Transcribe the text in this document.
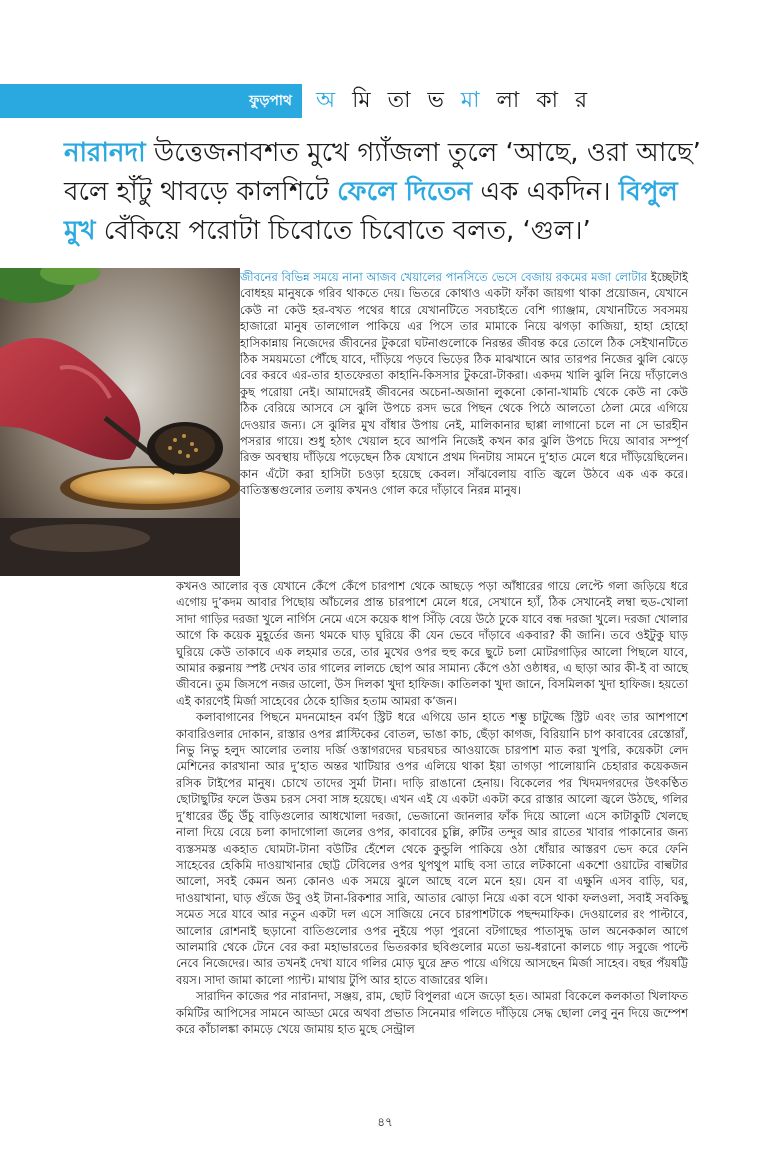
ফুড়পাথ	অ মি তা ভ মা লা কা র
নারানদা উত্তেজনাবশত মুখে গ্যাঁজলা তুলে ‘আছে, ওরা আছে’ বলে হাঁটু থাবড়ে কালশিটে ফেলে দিতেন এক একদিন। বিপুল মুখ বেঁকিয়ে পরোটা চিবোতে চিবোতে বলত, ‘গুল।’

জীবনের বিভিন্ন সময়ে নানা আজব খেয়ালের পানসিতে ভেসে বেজায় রকমের মজা লোটার ইচ্ছেটাই বোধহয় মানুষকে গরিব থাকতে দেয়। ভিতরে কোথাও একটা ফাঁকা জায়গা থাকা প্রয়োজন, যেখানে কেউ না কেউ হর-বখত পথের ধারে যেখানটিতে সবচাইতে বেশি গ্যাঞ্জাম, যেখানটিতে সবসময় হাজারো মানুষ তালগোল পাকিয়ে এর পিসে তার মামাকে নিয়ে ঝগড়া কাজিয়া, হাহা হোহো হাসিকান্নায় নিজেদের জীবনের টুকরো ঘটনাগুলোকে নিরন্তর জীবন্ত করে তোলে ঠিক সেইখানটিতে ঠিক সময়মতো পৌঁছে যাবে, দাঁড়িয়ে পড়বে ভিড়ের ঠিক মাঝখানে আর তারপর নিজের ঝুলি ঝেড়ে বের করবে এর-তার হাতফেরতা কাহানি-কিসসার টুকরো-টাকরা। একদম খালি ঝুলি নিয়ে দাঁড়ালেও কুছ পরোয়া নেই। আমাদেরই জীবনের অচেনা-অজানা লুকনো কোনা-খামচি থেকে কেউ না কেউ ঠিক বেরিয়ে আসবে সে ঝুলি উপচে রসদ ভরে পিছন থেকে পিঠে আলতো ঠেলা মেরে এগিয়ে দেওয়ার জন্য। সে ঝুলির মুখ বাঁধার উপায় নেই, মালিকানার ছাপ্পা লাগানো চলে না সে ভারহীন পসরার গায়ে। শুধু হঠাৎ খেয়াল হবে আপনি নিজেই কখন কার ঝুলি উপচে দিয়ে আবার সম্পূর্ণ রিক্ত অবস্থায় দাঁড়িয়ে পড়েছেন ঠিক যেখানে প্রথম দিনটায় সামনে দু’হাত মেলে ধরে দাঁড়িয়েছিলেন। কান এঁটো করা হাসিটা চওড়া হয়েছে কেবল। সাঁঝবেলায় বাতি জ্বলে উঠবে এক এক করে। বাতিস্তম্ভগুলোর তলায় কখনও গোল করে দাঁড়াবে নিরন্ন মানুষ।

কখনও আলোর বৃত্ত যেখানে কেঁপে কেঁপে চারপাশ থেকে আছড়ে পড়া আঁধারের গায়ে লেপ্টে গলা জড়িয়ে ধরে এগোয় দু’কদম আবার পিছোয় আঁচলের প্রান্ত চারপাশে মেলে ধরে, সেখানে হ্যাঁ, ঠিক সেখানেই লম্বা হুড-খোলা সাদা গাড়ির দরজা খুলে নার্গিস নেমে এসে কয়েক ধাপ সিঁড়ি বেয়ে উঠে ঢুকে যাবে বন্ধ দরজা খুলে। দরজা খোলার আগে কি কয়েক মুহূর্তের জন্য থমকে ঘাড় ঘুরিয়ে কী যেন ভেবে দাঁড়াবে একবার? কী জানি। তবে ওইটুকু ঘাড় ঘুরিয়ে কেউ তাকাবে এক লহমার তরে, তার মুখের ওপর হুহু করে ছুটে চলা মোটরগাড়ির আলো পিছলে যাবে, আমার কল্পনায় স্পষ্ট দেখব তার গালের লালচে ছোপ আর সামান্য কেঁপে ওঠা ওষ্ঠাধর, এ ছাড়া আর কী-ই বা আছে জীবনে। তুম জিসপে নজর ডালো, উস দিলকা খুদা হাফিজ। কাতিলকা খুদা জানে, বিসমিলকা খুদা হাফিজ। হয়তো এই কারণেই মির্জা সাহেবের ঠেকে হাজির হতাম আমরা ক’জন।

কলাবাগানের পিছনে মদনমোহন বর্মণ স্ট্রিট ধরে এগিয়ে ডান হাতে শম্ভু চাটুজ্জে স্ট্রিট এবং তার আশপাশে কাবারিওলার দোকান, রাস্তার ওপর প্লাস্টিকের বোতল, ভাঙা কাচ, ছেঁড়া কাগজ, বিরিয়ানি চাপ কাবাবের রেস্তোরাঁ, নিভু নিভু হলুদ আলোর তলায় দর্জি ওস্তাগরদের ঘচরঘচর আওয়াজে চারপাশ মাত করা খুপরি, কয়েকটা লেদ মেশিনের কারখানা আর দু’হাত অন্তর খাটিয়ার ওপর এলিয়ে থাকা ইয়া তাগড়া পালোয়ানি চেহারার কয়েকজন রসিক টাইপের মানুষ। চোখে তাদের সুর্মা টানা। দাড়ি রাঙানো হেনায়। বিকেলের পর খিদমদগরদের উৎকণ্ঠিত ছোটাছুটির ফলে উত্তম চরস সেবা সাঙ্গ হয়েছে। এখন এই যে একটা একটা করে রাস্তার আলো জ্বলে উঠছে, গলির দু’ধারের উঁচু উঁচু বাড়িগুলোর আধখোলা দরজা, ভেজানো জানলার ফাঁক দিয়ে আলো এসে কাটাকুটি খেলছে নালা দিয়ে বেয়ে চলা কাদাগোলা জলের ওপর, কাবাবের চুল্লি, রুটির তন্দুর আর রাতের খাবার পাকানোর জন্য ব্যস্তসমস্ত একহাত ঘোমটা-টানা বউটির হেঁশেল থেকে কুন্ডুলি পাকিয়ে ওঠা ধোঁয়ার আস্তরণ ভেদ করে ফেনি সাহেবের হেকিমি দাওয়াখানার ছোট্ট টেবিলের ওপর থুপথুপ মাছি বসা তারে লটকানো একশো ওয়াটের বাল্বটার আলো, সবই কেমন অন্য কোনও এক সময়ে ঝুলে আছে বলে মনে হয়। যেন বা এক্ষুনি এসব বাড়ি, ঘর, দাওয়াখানা, ঘাড় গুঁজে উবু ওই টানা-রিকশার সারি, আতার ঝোড়া নিয়ে একা বসে থাকা ফলওলা, সবাই সবকিছু সমেত সরে যাবে আর নতুন একটা দল এসে সাজিয়ে নেবে চারপাশটাকে পছন্দমাফিক। দেওয়ালের রং পাল্টাবে, আলোর রোশনাই ছড়ানো বাতিগুলোর ওপর নুইয়ে পড়া পুরনো বটগাছের পাতাসুদ্ধ ডাল অনেককাল আগে আলমারি থেকে টেনে বের করা মহাভারতের ভিতরকার ছবিগুলোর মতো ভয়-ধরানো কালচে গাঢ় সবুজে পাল্টে নেবে নিজেদের। আর তখনই দেখা যাবে গলির মোড় ঘুরে দ্রুত পায়ে এগিয়ে আসছেন মির্জা সাহেব। বছর পঁয়ষট্টি বয়স। সাদা জামা কালো প্যান্ট। মাথায় টুপি আর হাতে বাজারের থলি।

সারাদিন কাজের পর নারানদা, সঞ্জয়, রাম, ছোট বিপুলরা এসে জড়ো হত। আমরা বিকেলে কলকাতা খিলাফত কমিটির আপিসের সামনে আড্ডা মেরে অথবা প্রভাত সিনেমার গলিতে দাঁড়িয়ে সেদ্ধ ছোলা লেবু নুন দিয়ে জম্পেশ করে কাঁচালঙ্কা কামড়ে খেয়ে জামায় হাত মুছে সেন্ট্রাল

৪৭
